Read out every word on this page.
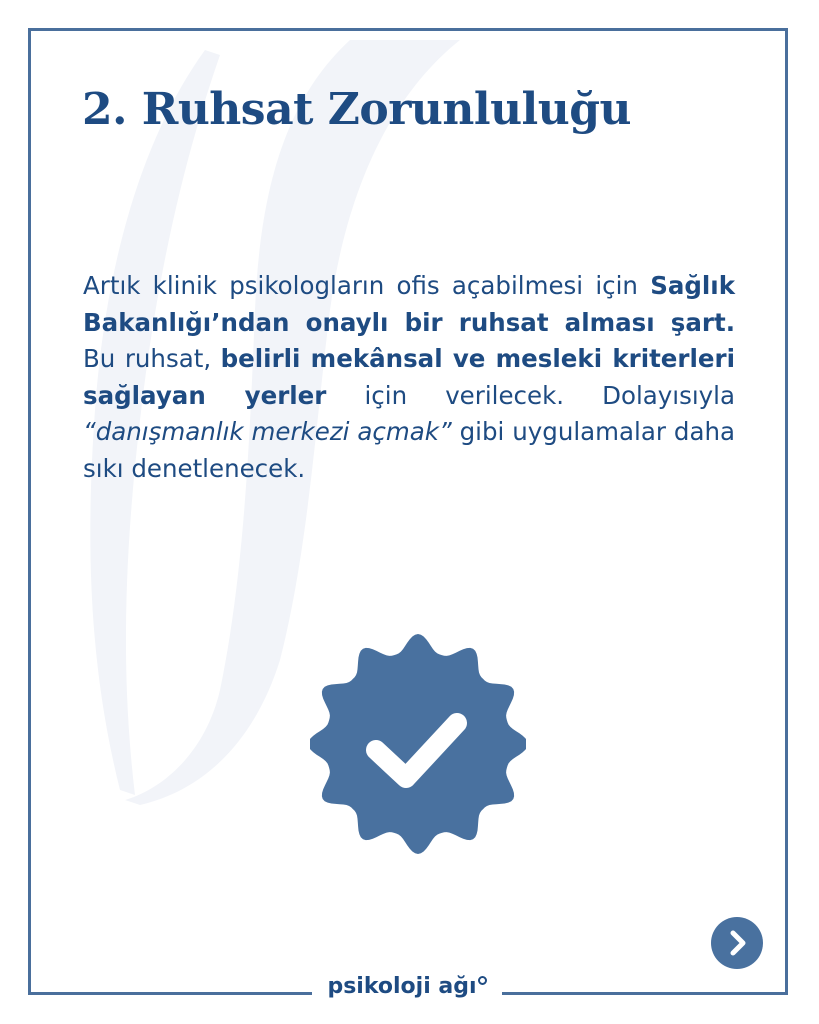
2. Ruhsat Zorunluluğu

Artık klinik psikologların ofis açabilmesi için Sağlık Bakanlığı’ndan onaylı bir ruhsat alması şart. Bu ruhsat, belirli mekânsal ve mesleki kriterleri sağlayan yerler için verilecek. Dolayısıyla “danışmanlık merkezi açmak” gibi uygulamalar daha sıkı denetlenecek.

psikoloji ağı
